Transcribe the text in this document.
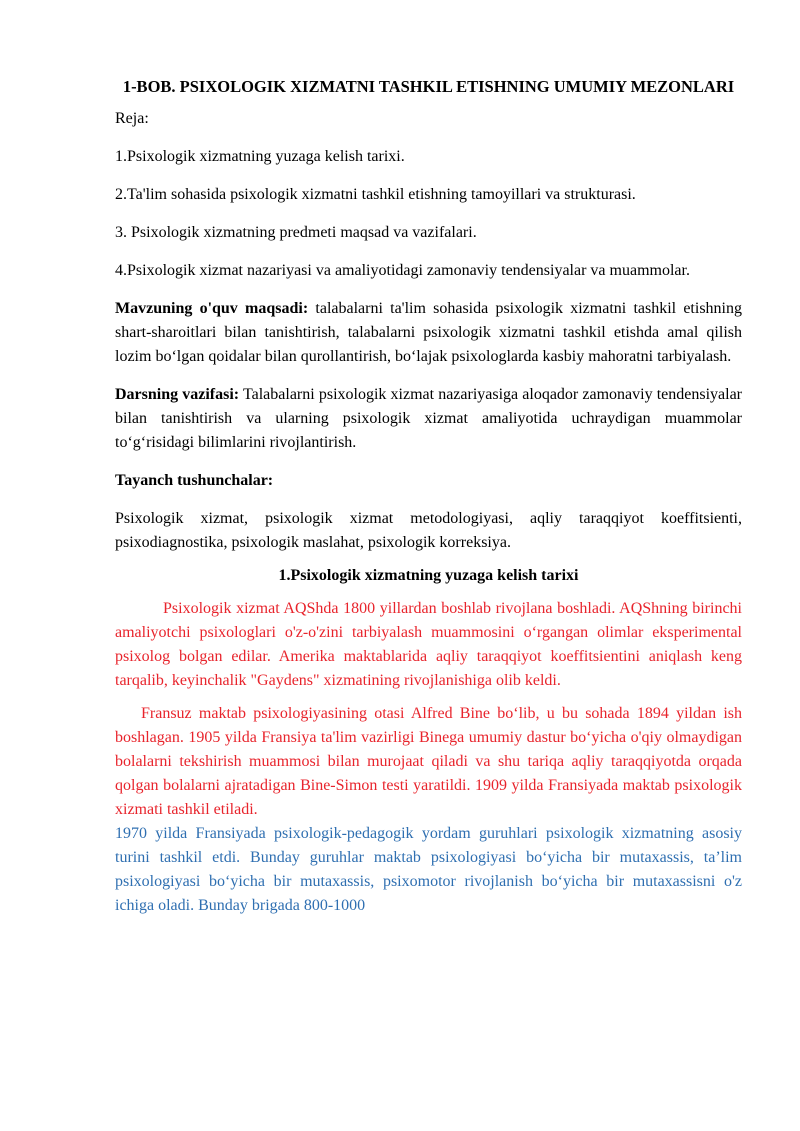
1-BOB. PSIXOLOGIK XIZMATNI TASHKIL ETISHNING UMUMIY MEZONLARI

Reja:

1.Psixologik xizmatning yuzaga kelish tarixi.

2.Ta'lim sohasida psixologik xizmatni tashkil etishning tamoyillari va strukturasi.

3. Psixologik xizmatning predmeti maqsad va vazifalari.

4.Psixologik xizmat nazariyasi va amaliyotidagi zamonaviy tendensiyalar va muammolar.

Mavzuning o'quv maqsadi: talabalarni ta'lim sohasida psixologik xizmatni tashkil etishning shart-sharoitlari bilan tanishtirish, talabalarni psixologik xizmatni tashkil etishda amal qilish lozim bo‘lgan qoidalar bilan qurollantirish, bo‘lajak psixologlarda kasbiy mahoratni tarbiyalash.

Darsning vazifasi: Talabalarni psixologik xizmat nazariyasiga aloqador zamonaviy tendensiyalar bilan tanishtirish va ularning psixologik xizmat amaliyotida uchraydigan muammolar to‘g‘risidagi bilimlarini rivojlantirish.

Tayanch tushunchalar:

Psixologik xizmat, psixologik xizmat metodologiyasi, aqliy taraqqiyot koeffitsienti, psixodiagnostika, psixologik maslahat, psixologik korreksiya.

1.Psixologik xizmatning yuzaga kelish tarixi

Psixologik xizmat AQShda 1800 yillardan boshlab rivojlana boshladi. AQShning birinchi amaliyotchi psixologlari o'z-o'zini tarbiyalash muammosini o‘rgangan olimlar eksperimental psixolog bolgan edilar. Amerika maktablarida aqliy taraqqiyot koeffitsientini aniqlash keng tarqalib, keyinchalik "Gaydens" xizmatining rivojlanishiga olib keldi.

Fransuz maktab psixologiyasining otasi Alfred Bine bo‘lib, u bu sohada 1894 yildan ish boshlagan. 1905 yilda Fransiya ta'lim vazirligi Binega umumiy dastur bo‘yicha o'qiy olmaydigan bolalarni tekshirish muammosi bilan murojaat qiladi va shu tariqa aqliy taraqqiyotda orqada qolgan bolalarni ajratadigan Bine-Simon testi yaratildi. 1909 yilda Fransiyada maktab psixologik xizmati tashkil etiladi.

1970 yilda Fransiyada psixologik-pedagogik yordam guruhlari psixologik xizmatning asosiy turini tashkil etdi. Bunday guruhlar maktab psixologiyasi bo‘yicha bir mutaxassis, ta’lim psixologiyasi bo‘yicha bir mutaxassis, psixomotor rivojlanish bo‘yicha bir mutaxassisni o'z ichiga oladi. Bunday brigada 800-1000
